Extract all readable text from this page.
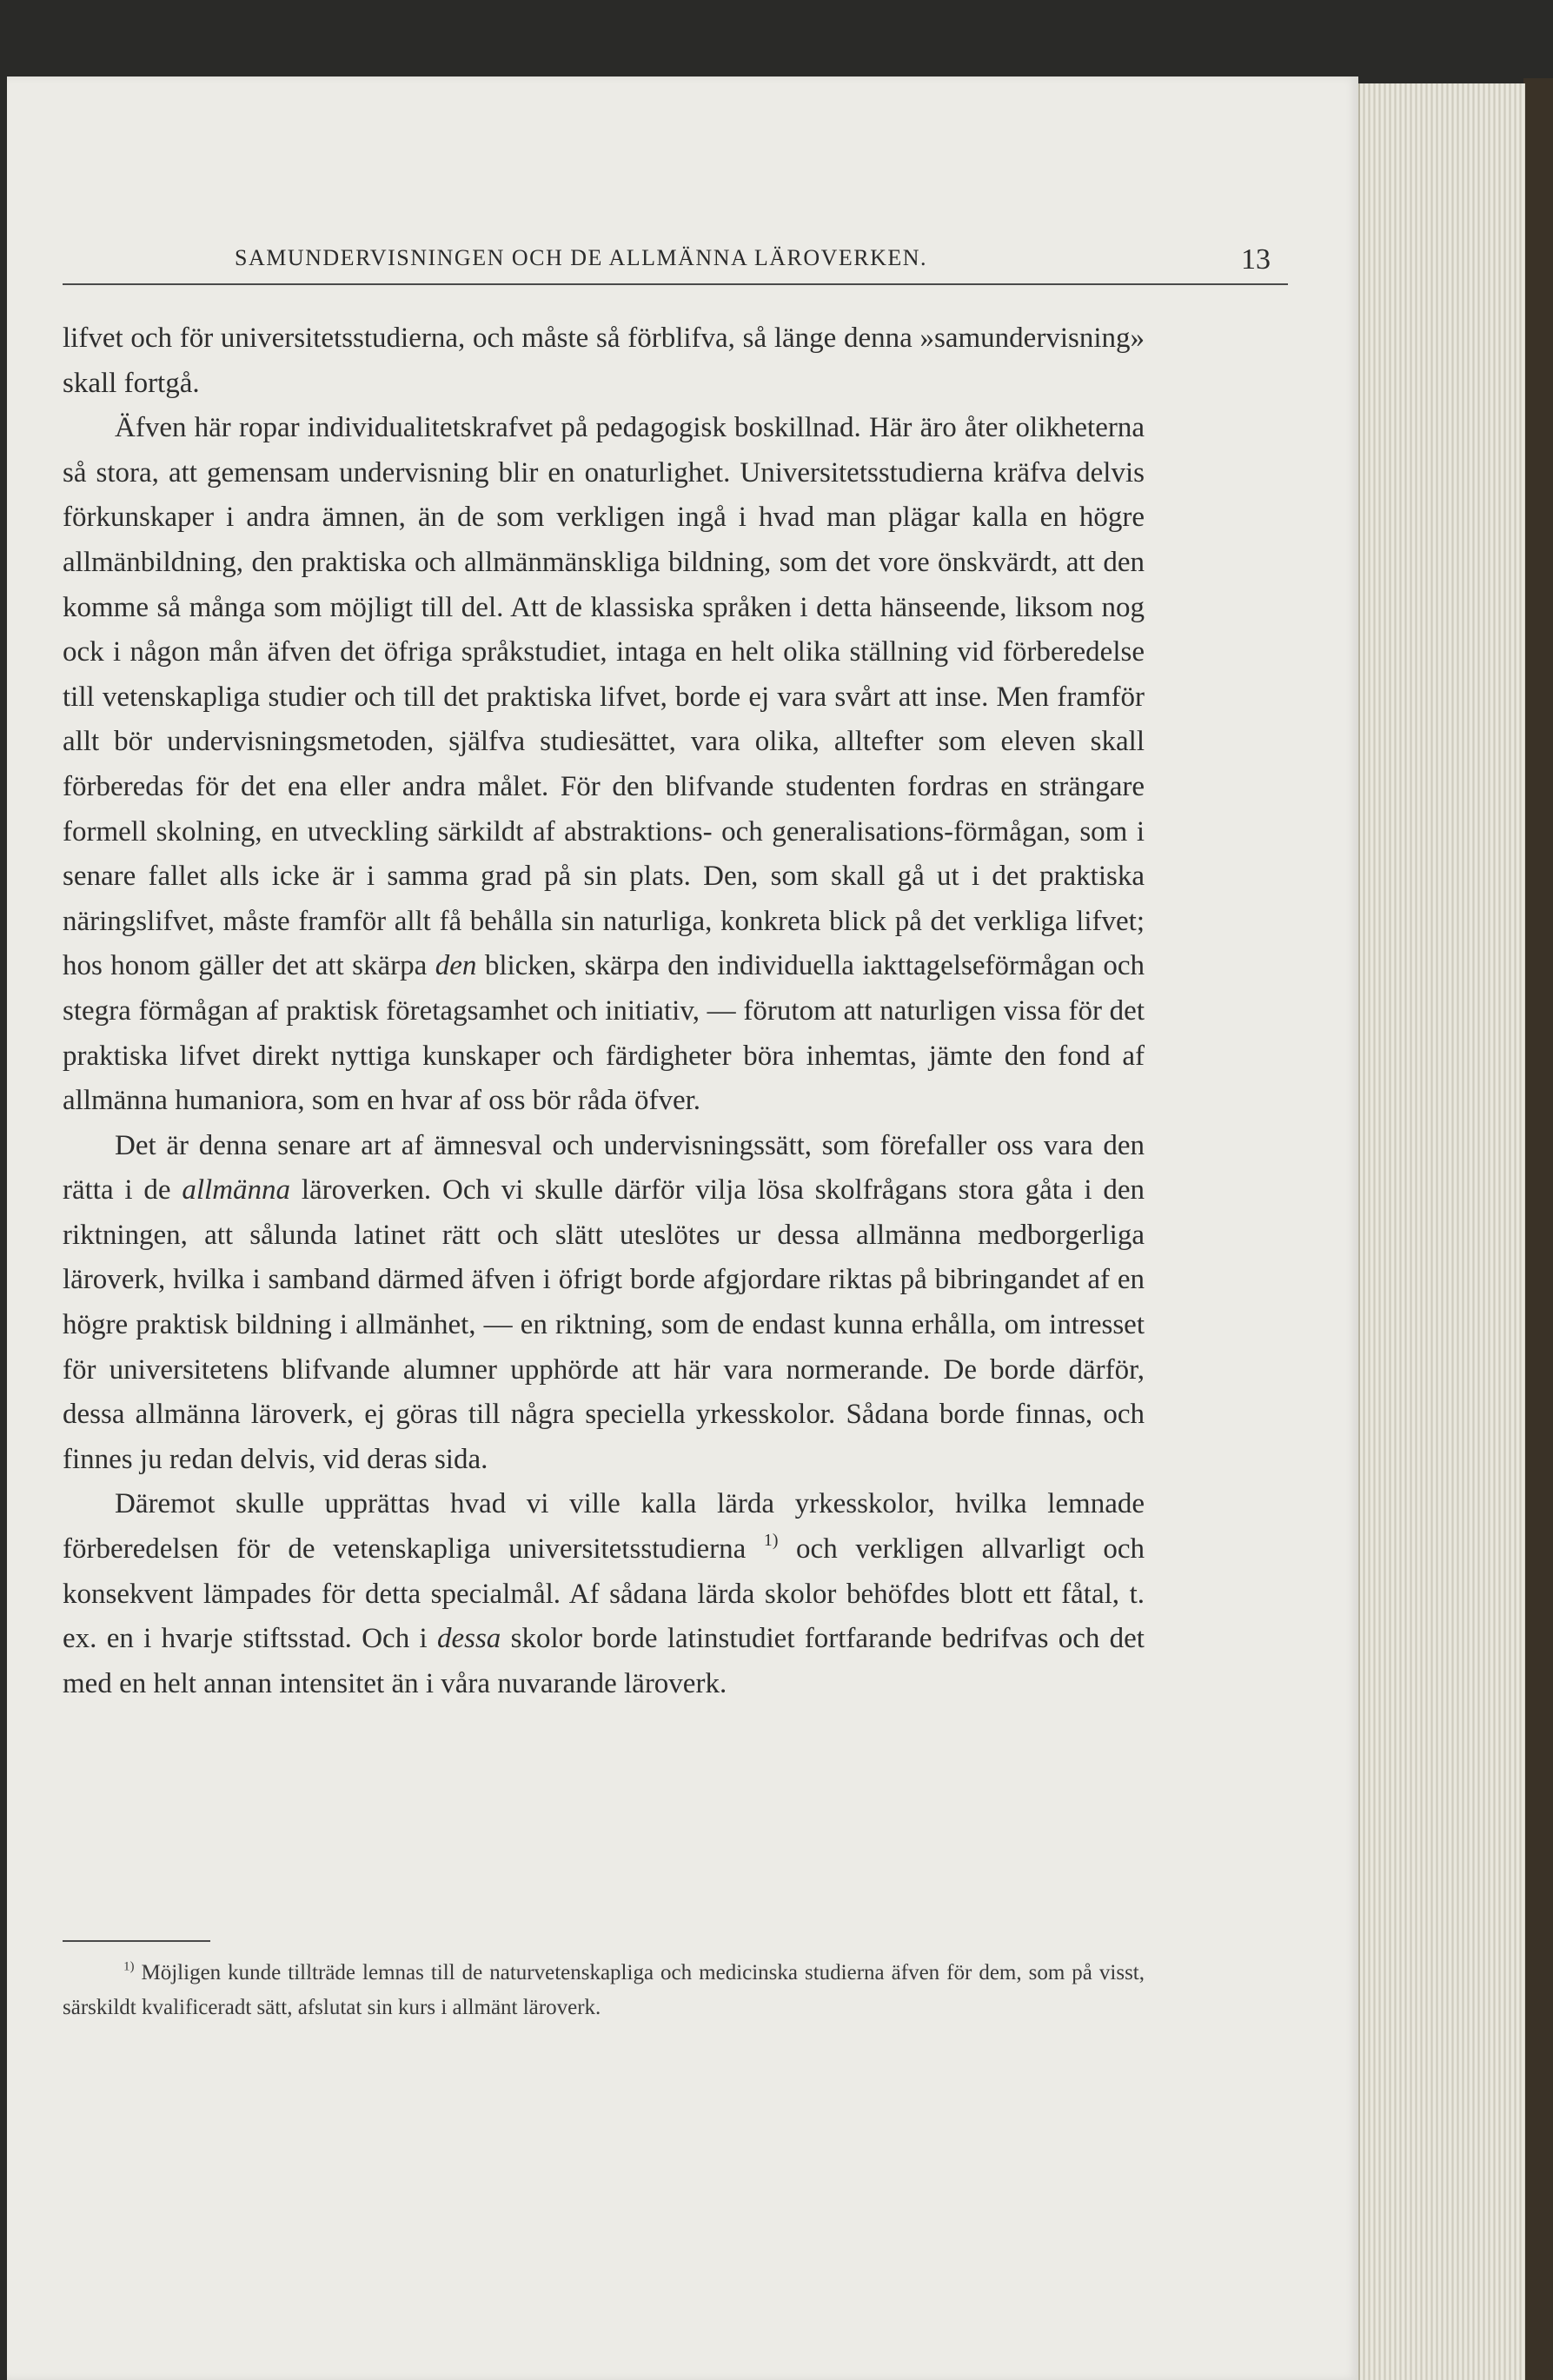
SAMUNDERVISNINGEN OCH DE ALLMÄNNA LÄROVERKEN.	13

lifvet och för universitetsstudierna, och måste så förblifva, så länge denna »samundervisning» skall fortgå.

Äfven här ropar individualitetskrafvet på pedagogisk boskillnad. Här äro åter olikheterna så stora, att gemensam undervisning blir en onaturlighet. Universitetsstudierna kräfva delvis förkunskaper i andra ämnen, än de som verkligen ingå i hvad man plägar kalla en högre allmänbildning, den praktiska och allmänmänskliga bildning, som det vore önskvärdt, att den komme så många som möjligt till del. Att de klassiska språken i detta hänseende, liksom nog ock i någon mån äfven det öfriga språkstudiet, intaga en helt olika ställning vid förberedelse till vetenskapliga studier och till det praktiska lifvet, borde ej vara svårt att inse. Men framför allt bör undervisningsmetoden, själfva studiesättet, vara olika, alltefter som eleven skall förberedas för det ena eller andra målet. För den blifvande studenten fordras en strängare formell skolning, en utveckling särkildt af abstraktions- och generalisations-förmågan, som i senare fallet alls icke är i samma grad på sin plats. Den, som skall gå ut i det praktiska näringslifvet, måste framför allt få behålla sin naturliga, konkreta blick på det verkliga lifvet; hos honom gäller det att skärpa den blicken, skärpa den individuella iakttagelseförmågan och stegra förmågan af praktisk företagsamhet och initiativ, — förutom att naturligen vissa för det praktiska lifvet direkt nyttiga kunskaper och färdigheter böra inhemtas, jämte den fond af allmänna humaniora, som en hvar af oss bör råda öfver.

Det är denna senare art af ämnesval och undervisningssätt, som förefaller oss vara den rätta i de allmänna läroverken. Och vi skulle därför vilja lösa skolfrågans stora gåta i den riktningen, att sålunda latinet rätt och slätt uteslötes ur dessa allmänna medborgerliga läroverk, hvilka i samband därmed äfven i öfrigt borde afgjordare riktas på bibringandet af en högre praktisk bildning i allmänhet, — en riktning, som de endast kunna erhålla, om intresset för universitetens blifvande alumner upphörde att här vara normerande. De borde därför, dessa allmänna läroverk, ej göras till några speciella yrkesskolor. Sådana borde finnas, och finnes ju redan delvis, vid deras sida.

Däremot skulle upprättas hvad vi ville kalla lärda yrkesskolor, hvilka lemnade förberedelsen för de vetenskapliga universitetsstudierna $^{1)}$ och verkligen allvarligt och konsekvent lämpades för detta specialmål. Af sådana lärda skolor behöfdes blott ett fåtal, t. ex. en i hvarje stiftsstad. Och i dessa skolor borde latinstudiet fortfarande bedrifvas och det med en helt annan intensitet än i våra nuvarande läroverk.

$^{1)}$ Möjligen kunde tillträde lemnas till de naturvetenskapliga och medicinska studierna äfven för dem, som på visst, särskildt kvalificeradt sätt, afslutat sin kurs i allmänt läroverk.
